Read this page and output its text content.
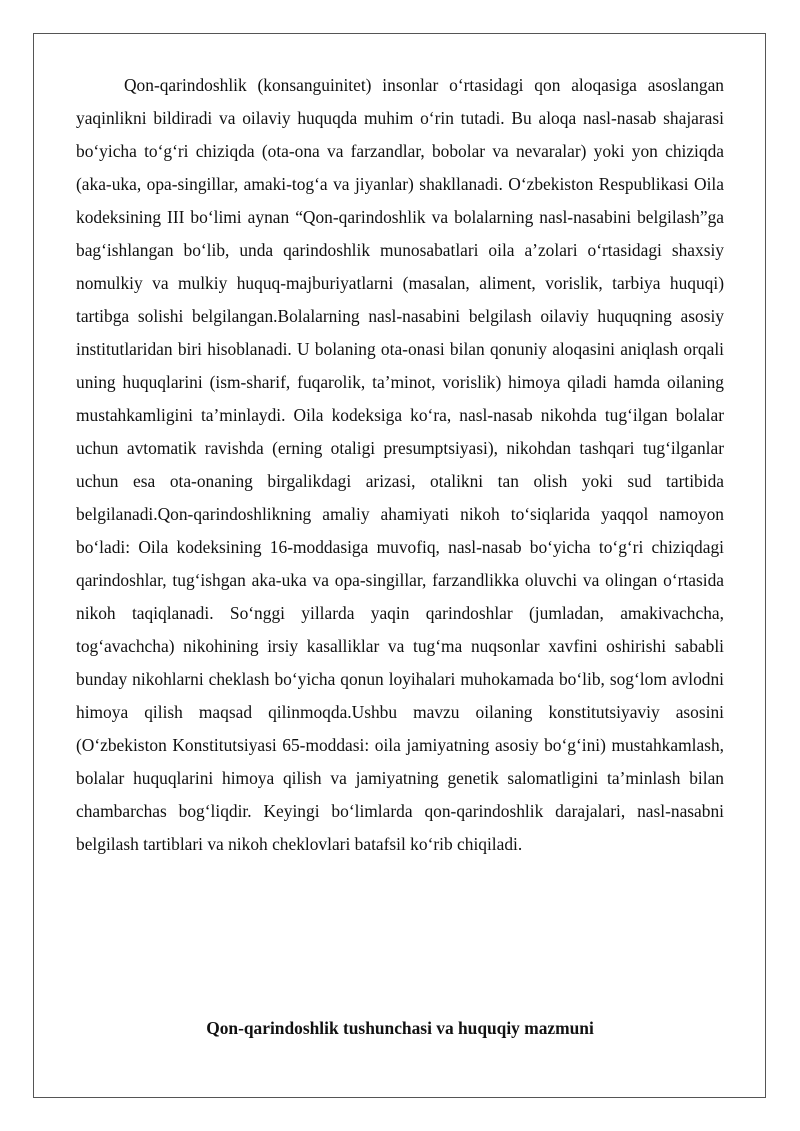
Qon-qarindoshlik (konsanguinitet) insonlar o‘rtasidagi qon aloqasiga asoslangan yaqinlikni bildiradi va oilaviy huquqda muhim o‘rin tutadi. Bu aloqa nasl-nasab shajarasi bo‘yicha to‘g‘ri chiziqda (ota-ona va farzandlar, bobolar va nevaralar) yoki yon chiziqda (aka-uka, opa-singillar, amaki-tog‘a va jiyanlar) shakllanadi. O‘zbekiston Respublikasi Oila kodeksining III bo‘limi aynan “Qon-qarindoshlik va bolalarning nasl-nasabini belgilash”ga bag‘ishlangan bo‘lib, unda qarindoshlik munosabatlari oila a’zolari o‘rtasidagi shaxsiy nomulkiy va mulkiy huquq-majburiyatlarni (masalan, aliment, vorislik, tarbiya huquqi) tartibga solishi belgilangan.Bolalarning nasl-nasabini belgilash oilaviy huquqning asosiy institutlaridan biri hisoblanadi. U bolaning ota-onasi bilan qonuniy aloqasini aniqlash orqali uning huquqlarini (ism-sharif, fuqarolik, ta’minot, vorislik) himoya qiladi hamda oilaning mustahkamligini ta’minlaydi. Oila kodeksiga ko‘ra, nasl-nasab nikohda tug‘ilgan bolalar uchun avtomatik ravishda (erning otaligi presumptsiyasi), nikohdan tashqari tug‘ilganlar uchun esa ota-onaning birgalikdagi arizasi, otalikni tan olish yoki sud tartibida belgilanadi.Qon-qarindoshlikning amaliy ahamiyati nikoh to‘siqlarida yaqqol namoyon bo‘ladi: Oila kodeksining 16-moddasiga muvofiq, nasl-nasab bo‘yicha to‘g‘ri chiziqdagi qarindoshlar, tug‘ishgan aka-uka va opa-singillar, farzandlikka oluvchi va olingan o‘rtasida nikoh taqiqlanadi. So‘nggi yillarda yaqin qarindoshlar (jumladan, amakivachcha, tog‘avachcha) nikohining irsiy kasalliklar va tug‘ma nuqsonlar xavfini oshirishi sababli bunday nikohlarni cheklash bo‘yicha qonun loyihalari muhokamada bo‘lib, sog‘lom avlodni himoya qilish maqsad qilinmoqda.Ushbu mavzu oilaning konstitutsiyaviy asosini (O‘zbekiston Konstitutsiyasi 65-moddasi: oila jamiyatning asosiy bo‘g‘ini) mustahkamlash, bolalar huquqlarini himoya qilish va jamiyatning genetik salomatligini ta’minlash bilan chambarchas bog‘liqdir. Keyingi bo‘limlarda qon-qarindoshlik darajalari, nasl-nasabni belgilash tartiblari va nikoh cheklovlari batafsil ko‘rib chiqiladi.

Qon-qarindoshlik tushunchasi va huquqiy mazmuni
